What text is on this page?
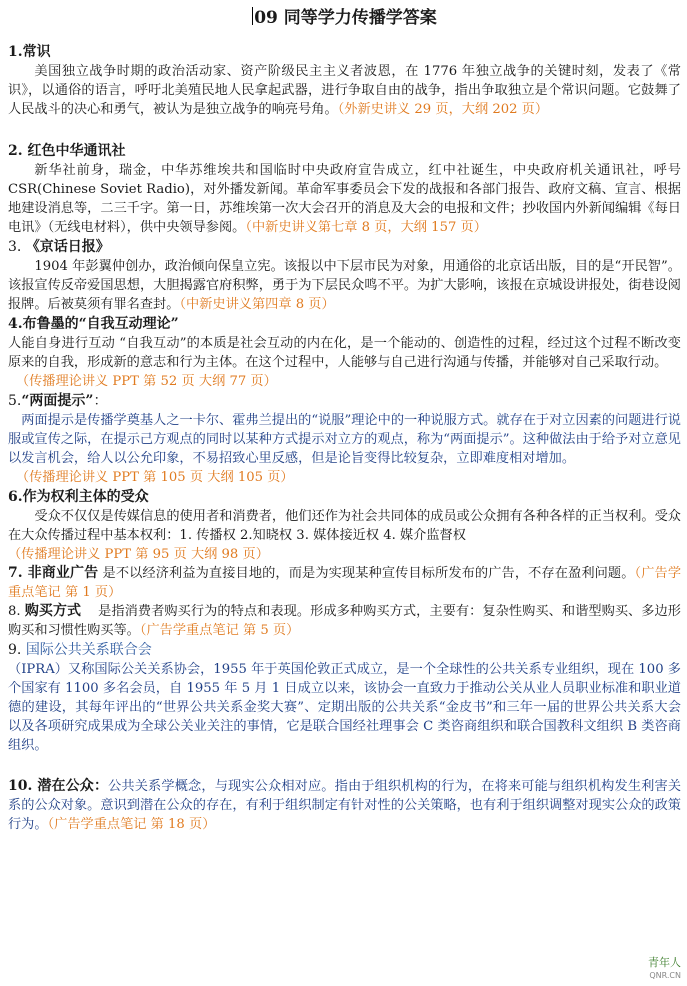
09 同等学力传播学答案
1.常识

美国独立战争时期的政治活动家、资产阶级民主主义者波恩，在 1776 年独立战争的关键时刻，发表了《常识》，以通俗的语言，呼吁北美殖民地人民拿起武器，进行争取自由的战争，指出争取独立是个常识问题。它鼓舞了人民战斗的决心和勇气，被认为是独立战争的响亮号角。（外新史讲义 29 页，大纲 202 页）

2. 红色中华通讯社

新华社前身，瑞金，中华苏维埃共和国临时中央政府宣告成立，红中社诞生，中央政府机关通讯社，呼号 CSR(Chinese Soviet Radio)，对外播发新闻。革命军事委员会下发的战报和各部门报告、政府文稿、宣言、根据地建设消息等，二三千字。第一日，苏维埃第一次大会召开的消息及大会的电报和文件；抄收国内外新闻编辑《每日电讯》（无线电材料），供中央领导参阅。（中新史讲义第七章 8 页，大纲 157 页）

3. 《京话日报》

1904 年彭翼仲创办，政治倾向保皇立宪。该报以中下层市民为对象，用通俗的北京话出版，目的是“开民智”。该报宣传反帝爱国思想，大胆揭露官府积弊，勇于为下层民众鸣不平。为扩大影响，该报在京城设讲报处，街巷设阅报牌。后被莫须有罪名查封。（中新史讲义第四章 8 页）

4.布鲁墨的“自我互动理论”

人能自身进行互动 “自我互动”的本质是社会互动的内在化，是一个能动的、创造性的过程，经过这个过程不断改变原来的自我，形成新的意志和行为主体。在这个过程中，人能够与自己进行沟通与传播，并能够对自己采取行动。

（传播理论讲义 PPT 第 52 页 大纲 77 页）
5.“两面提示”：

两面提示是传播学奠基人之一卡尔、霍弗兰提出的“说服”理论中的一种说服方式。就存在于对立因素的问题进行说服或宣传之际，在提示己方观点的同时以某种方式提示对立方的观点，称为“两面提示”。这种做法由于给予对立意见以发言机会，给人以公允印象，不易招致心里反感，但是论旨变得比较复杂，立即难度相对增加。

（传播理论讲义 PPT 第 105 页 大纲 105 页）
6.作为权利主体的受众

受众不仅仅是传媒信息的使用者和消费者，他们还作为社会共同体的成员或公众拥有各种各样的正当权利。受众在大众传播过程中基本权利：1. 传播权 2.知晓权 3. 媒体接近权 4. 媒介监督权

（传播理论讲义 PPT 第 95 页 大纲 98 页）

7. 非商业广告 是不以经济利益为直接目地的，而是为实现某种宣传目标所发布的广告，不存在盈利问题。（广告学重点笔记 第 1 页）

8. 购买方式 是指消费者购买行为的特点和表现。形成多种购买方式，主要有：复杂性购买、和谐型购买、多边形购买和习惯性购买等。（广告学重点笔记 第 5 页）

9. 国际公共关系联合会

（IPRA）又称国际公关关系协会，1955 年于英国伦敦正式成立，是一个全球性的公共关系专业组织，现在 100 多个国家有 1100 多名会员，自 1955 年 5 月 1 日成立以来，该协会一直致力于推动公关从业人员职业标准和职业道德的建设，其每年评出的“世界公共关系金奖大赛”、定期出版的公共关系“金皮书”和三年一届的世界公共关系大会以及各项研究成果成为全球公关业关注的事情，它是联合国经社理事会 C 类咨商组织和联合国教科文组织 B 类咨商组织。

10. 潜在公众：公共关系学概念，与现实公众相对应。指由于组织机构的行为，在将来可能与组织机构发生利害关系的公众对象。意识到潜在公众的存在，有利于组织制定有针对性的公关策略，也有利于组织调整对现实公众的政策行为。（广告学重点笔记 第 18 页）

青年人
QNR.CN
